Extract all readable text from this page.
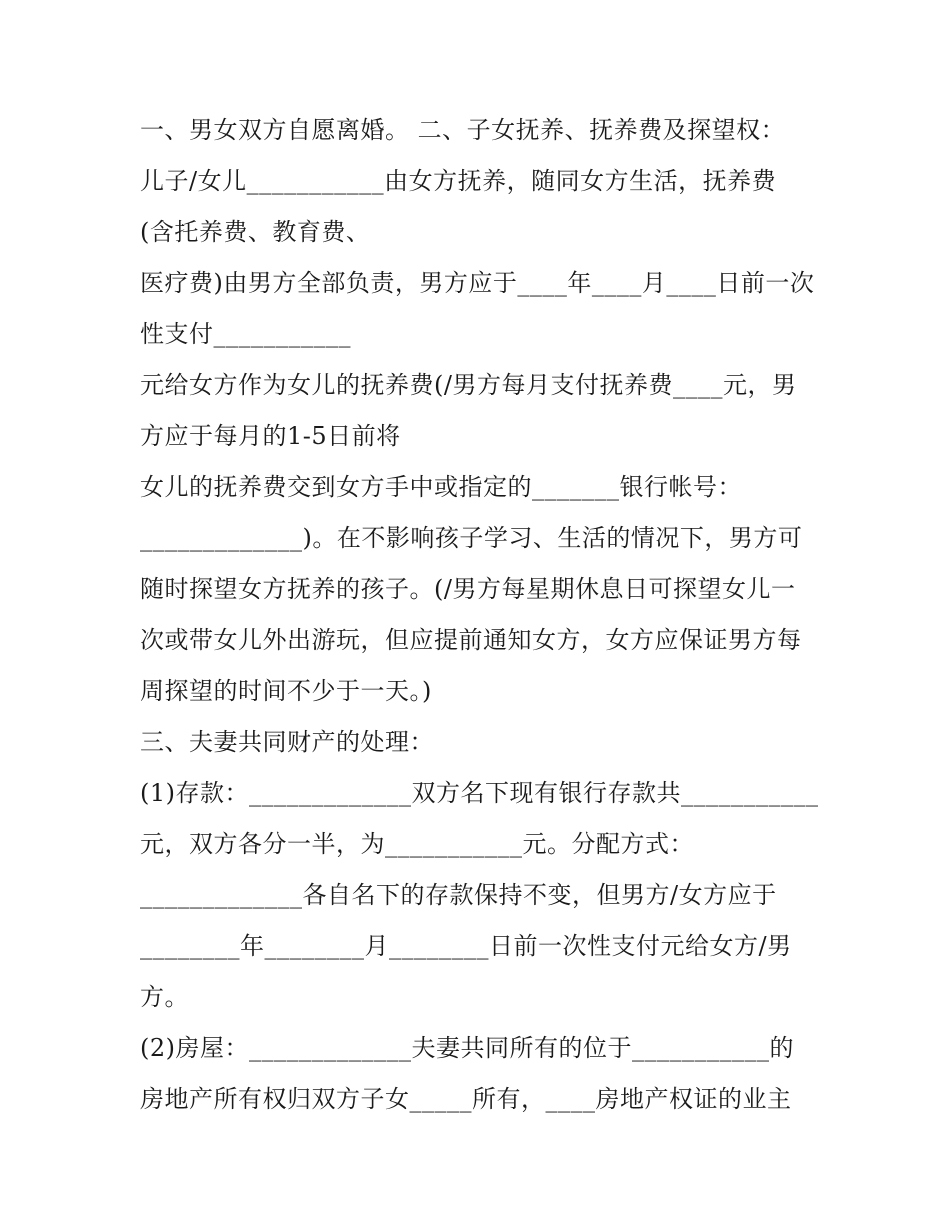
一、男女双方自愿离婚。 二、子女抚养、抚养费及探望权：
儿子/女儿___________由女方抚养，随同女方生活，抚养费
(含托养费、教育费、
医疗费)由男方全部负责，男方应于____年____月____日前一次
性支付___________
元给女方作为女儿的抚养费(/男方每月支付抚养费____元，男
方应于每月的1-5日前将
女儿的抚养费交到女方手中或指定的_______银行帐号：
_____________)。在不影响孩子学习、生活的情况下，男方可
随时探望女方抚养的孩子。(/男方每星期休息日可探望女儿一
次或带女儿外出游玩，但应提前通知女方，女方应保证男方每
周探望的时间不少于一天。)
三、夫妻共同财产的处理：
(1)存款：_____________双方名下现有银行存款共___________
元，双方各分一半，为___________元。分配方式：
_____________各自名下的存款保持不变，但男方/女方应于
________年________月________日前一次性支付元给女方/男
方。
(2)房屋：_____________夫妻共同所有的位于___________的
房地产所有权归双方子女_____所有，____房地产权证的业主
